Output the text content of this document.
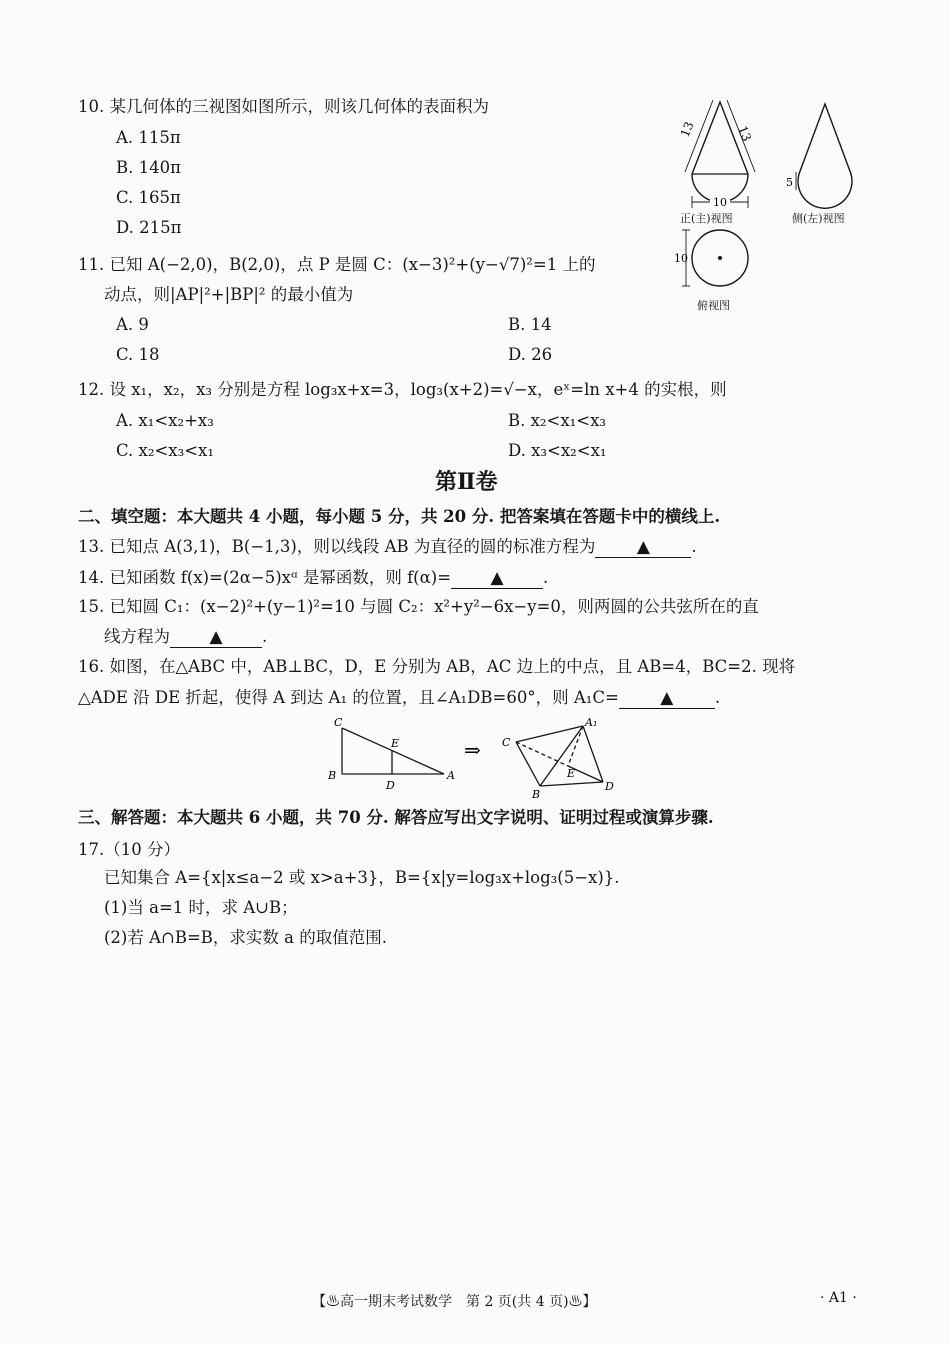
10. 某几何体的三视图如图所示，则该几何体的表面积为
A. 115π
B. 140π
C. 165π
D. 215π
13	13
10
5
10
正(主)视图	侧(左)视图
俯视图
11. 已知 A(−2,0)，B(2,0)，点 P 是圆 C：(x−3)²+(y−√7)²=1 上的
动点，则|AP|²+|BP|² 的最小值为
A. 9	B. 14
C. 18	D. 26
12. 设 x₁，x₂，x₃ 分别是方程 log₃x+x=3，log₃(x+2)=√−x，eˣ=ln x+4 的实根，则
A. x₁<x₂+x₃	B. x₂<x₁<x₃
C. x₂<x₃<x₁	D. x₃<x₂<x₁
第Ⅱ卷
二、填空题：本大题共 4 小题，每小题 5 分，共 20 分. 把答案填在答题卡中的横线上.
13. 已知点 A(3,1)，B(−1,3)，则以线段 AB 为直径的圆的标准方程为 ▲	.
14. 已知函数 f(x)=(2α−5)xᵅ 是幂函数，则 f(α)= ▲ .
15. 已知圆 C₁：(x−2)²+(y−1)²=10 与圆 C₂：x²+y²−6x−y=0，则两圆的公共弦所在的直
线方程为 ▲ .
16. 如图，在△ABC 中，AB⊥BC，D，E 分别为 AB，AC 边上的中点，且 AB=4，BC=2. 现将
△ADE 沿 DE 折起，使得 A 到达 A₁ 的位置，且∠A₁DB=60°，则 A₁C= ▲	.
C
E
B
D
A
⇒ C
A₁
E
B
D
三、解答题：本大题共 6 小题，共 70 分. 解答应写出文字说明、证明过程或演算步骤.
17.（10 分）
已知集合 A={x|x≤a−2 或 x>a+3}，B={x|y=log₃x+log₃(5−x)}.
(1)当 a=1 时，求 A∪B；
(2)若 A∩B=B，求实数 a 的取值范围.
【♨高一期末考试数学　第 2 页(共 4 页)♨】	· A1 ·
